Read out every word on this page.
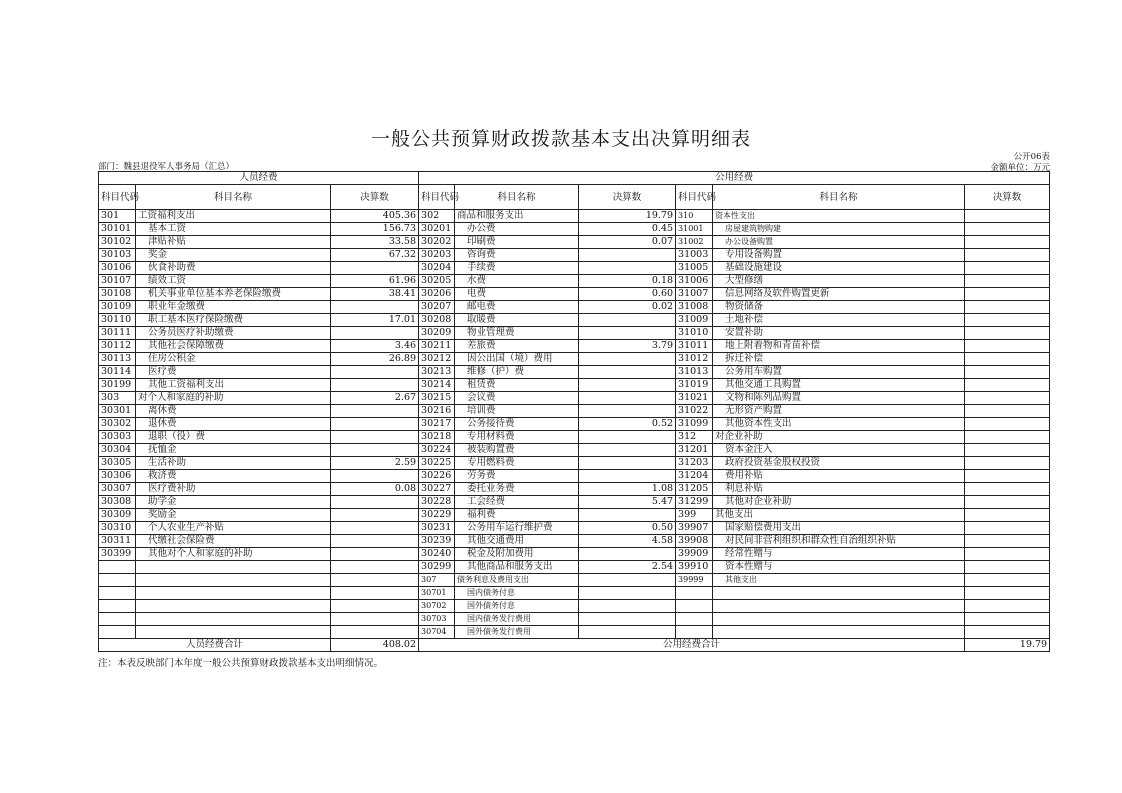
一般公共预算财政拨款基本支出决算明细表
部门：魏县退役军人事务局（汇总）
公开06表
金额单位：万元
人员经费			公用经费					
科目代码	科目名称	决算数	科目代码	科目名称	决算数	科目代码	科目名称	决算数
301	工资福利支出	405.36	302	商品和服务支出	19.79	310	资本性支出	
30101	基本工资	156.73	30201	办公费	0.45	31001	房屋建筑物购建	
30102	津贴补贴	33.58	30202	印刷费	0.07	31002	办公设备购置	
30103	奖金	67.32	30203	咨询费		31003	专用设备购置	
30106	伙食补助费		30204	手续费		31005	基础设施建设	
30107	绩效工资	61.96	30205	水费	0.18	31006	大型修缮	
30108	机关事业单位基本养老保险缴费	38.41	30206	电费	0.60	31007	信息网络及软件购置更新	
30109	职业年金缴费		30207	邮电费	0.02	31008	物资储备	
30110	职工基本医疗保险缴费	17.01	30208	取暖费		31009	土地补偿	
30111	公务员医疗补助缴费		30209	物业管理费		31010	安置补助	
30112	其他社会保障缴费	3.46	30211	差旅费	3.79	31011	地上附着物和青苗补偿	
30113	住房公积金	26.89	30212	因公出国（境）费用		31012	拆迁补偿	
30114	医疗费		30213	维修（护）费		31013	公务用车购置	
30199	其他工资福利支出		30214	租赁费		31019	其他交通工具购置	
303	对个人和家庭的补助	2.67	30215	会议费		31021	文物和陈列品购置	
30301	离休费		30216	培训费		31022	无形资产购置	
30302	退休费		30217	公务接待费	0.52	31099	其他资本性支出	
30303	退职（役）费		30218	专用材料费		312	对企业补助	
30304	抚恤金		30224	被装购置费		31201	资本金注入	
30305	生活补助	2.59	30225	专用燃料费		31203	政府投资基金股权投资	
30306	救济费		30226	劳务费		31204	费用补贴	
30307	医疗费补助	0.08	30227	委托业务费	1.08	31205	利息补贴	
30308	助学金		30228	工会经费	5.47	31299	其他对企业补助	
30309	奖励金		30229	福利费		399	其他支出	
30310	个人农业生产补贴		30231	公务用车运行维护费	0.50	39907	国家赔偿费用支出	
30311	代缴社会保险费		30239	其他交通费用	4.58	39908	对民间非营利组织和群众性自治组织补贴	
30399	其他对个人和家庭的补助		30240	税金及附加费用		39909	经常性赠与	
			30299	其他商品和服务支出	2.54	39910	资本性赠与	
			307	债务利息及费用支出		39999	其他支出	
			30701	国内债务付息				
			30702	国外债务付息				
			30703	国内债务发行费用				
			30704	国外债务发行费用				
人员经费合计		408.02	公用经费合计					19.79
注：本表反映部门本年度一般公共预算财政拨款基本支出明细情况。
